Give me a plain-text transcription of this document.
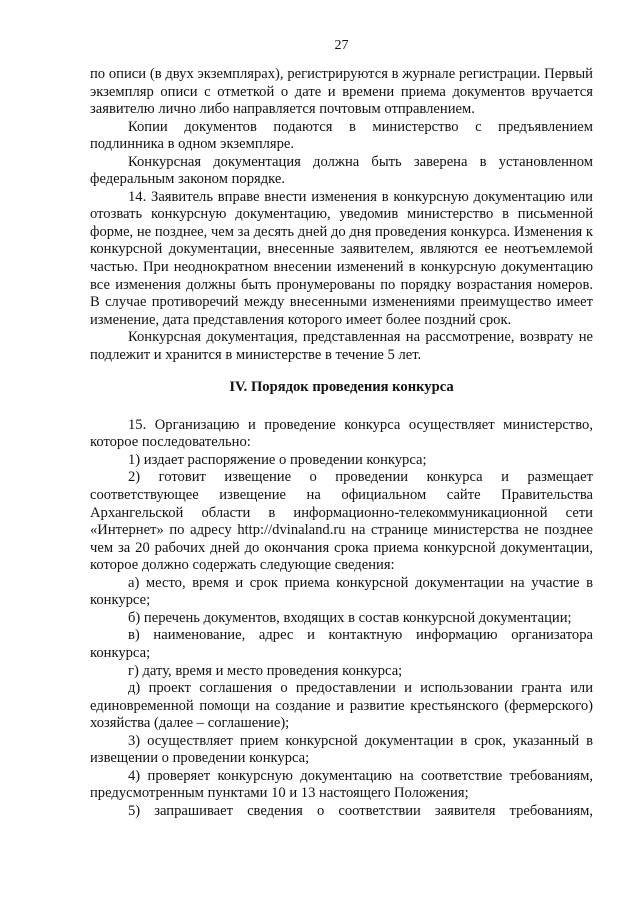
27

по описи (в двух экземплярах), регистрируются в журнале регистрации. Первый экземпляр описи с отметкой о дате и времени приема документов вручается заявителю лично либо направляется почтовым отправлением.

Копии документов подаются в министерство с предъявлением подлинника в одном экземпляре.

Конкурсная документация должна быть заверена в установленном федеральным законом порядке.

14. Заявитель вправе внести изменения в конкурсную документацию или отозвать конкурсную документацию, уведомив министерство в письменной форме, не позднее, чем за десять дней до дня проведения конкурса. Изменения к конкурсной документации, внесенные заявителем, являются ее неотъемлемой частью. При неоднократном внесении изменений в конкурсную документацию все изменения должны быть пронумерованы по порядку возрастания номеров. В случае противоречий между внесенными изменениями преимущество имеет изменение, дата представления которого имеет более поздний срок.

Конкурсная документация, представленная на рассмотрение, возврату не подлежит и хранится в министерстве в течение 5 лет.

IV. Порядок проведения конкурса

15. Организацию и проведение конкурса осуществляет министерство, которое последовательно:

1) издает распоряжение о проведении конкурса;

2) готовит извещение о проведении конкурса и размещает соответствующее извещение на официальном сайте Правительства Архангельской области в информационно-телекоммуникационной сети «Интернет» по адресу http://dvinaland.ru на странице министерства не позднее чем за 20 рабочих дней до окончания срока приема конкурсной документации, которое должно содержать следующие сведения:

а) место, время и срок приема конкурсной документации на участие в конкурсе;

б) перечень документов, входящих в состав конкурсной документации;

в) наименование, адрес и контактную информацию организатора конкурса;

г) дату, время и место проведения конкурса;

д) проект соглашения о предоставлении и использовании гранта или единовременной помощи на создание и развитие крестьянского (фермерского) хозяйства (далее – соглашение);

3) осуществляет прием конкурсной документации в срок, указанный в извещении о проведении конкурса;

4) проверяет конкурсную документацию на соответствие требованиям, предусмотренным пунктами 10 и 13 настоящего Положения;

5) запрашивает сведения о соответствии заявителя требованиям,
